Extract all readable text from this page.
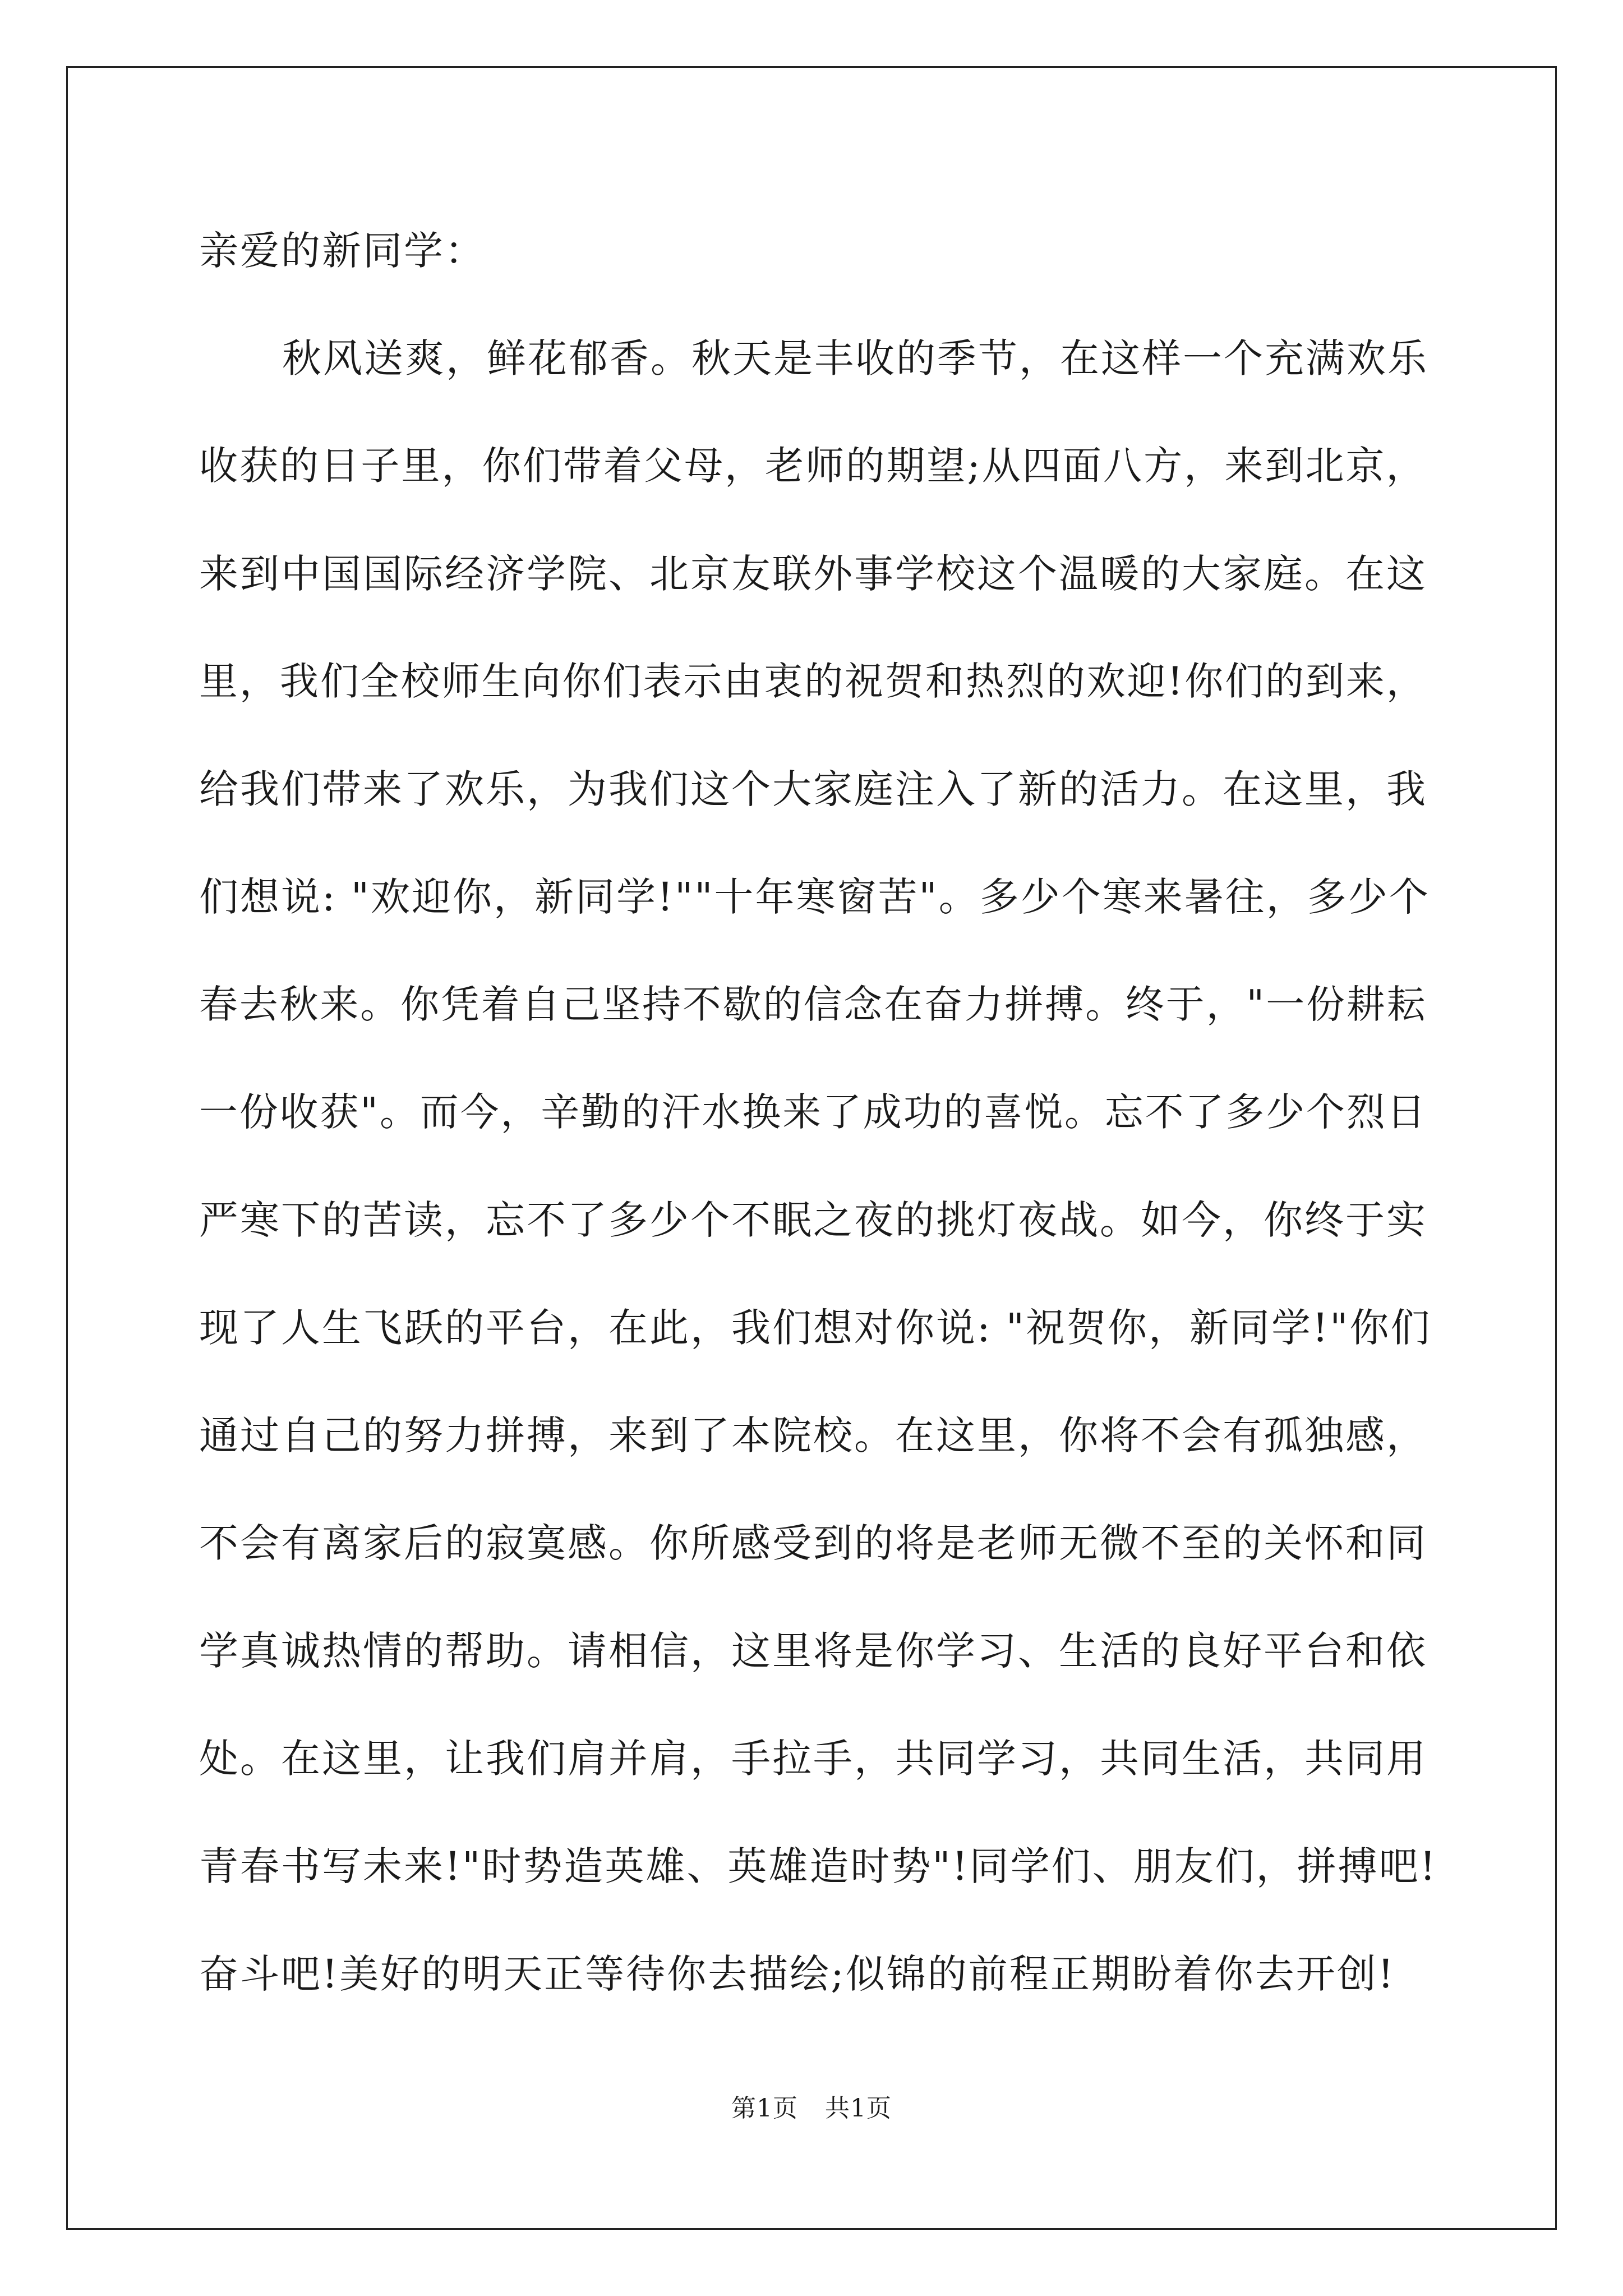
亲爱的新同学：
秋风送爽，鲜花郁香。秋天是丰收的季节，在这样一个充满欢乐
收获的日子里，你们带着父母，老师的期望;从四面八方，来到北京，
来到中国国际经济学院、北京友联外事学校这个温暖的大家庭。在这
里，我们全校师生向你们表示由衷的祝贺和热烈的欢迎!你们的到来，
给我们带来了欢乐，为我们这个大家庭注入了新的活力。在这里，我
们想说: "欢迎你，新同学!""十年寒窗苦"。多少个寒来暑往，多少个
春去秋来。你凭着自己坚持不歇的信念在奋力拼搏。终于，"一份耕耘
一份收获"。而今，辛勤的汗水换来了成功的喜悦。忘不了多少个烈日
严寒下的苦读，忘不了多少个不眠之夜的挑灯夜战。如今，你终于实
现了人生飞跃的平台，在此，我们想对你说: "祝贺你，新同学!"你们
通过自己的努力拼搏，来到了本院校。在这里，你将不会有孤独感，
不会有离家后的寂寞感。你所感受到的将是老师无微不至的关怀和同
学真诚热情的帮助。请相信，这里将是你学习、生活的良好平台和依
处。在这里，让我们肩并肩，手拉手，共同学习，共同生活，共同用
青春书写未来!"时势造英雄、英雄造时势"!同学们、朋友们，拼搏吧!
奋斗吧!美好的明天正等待你去描绘;似锦的前程正期盼着你去开创!
第1页 共1页
